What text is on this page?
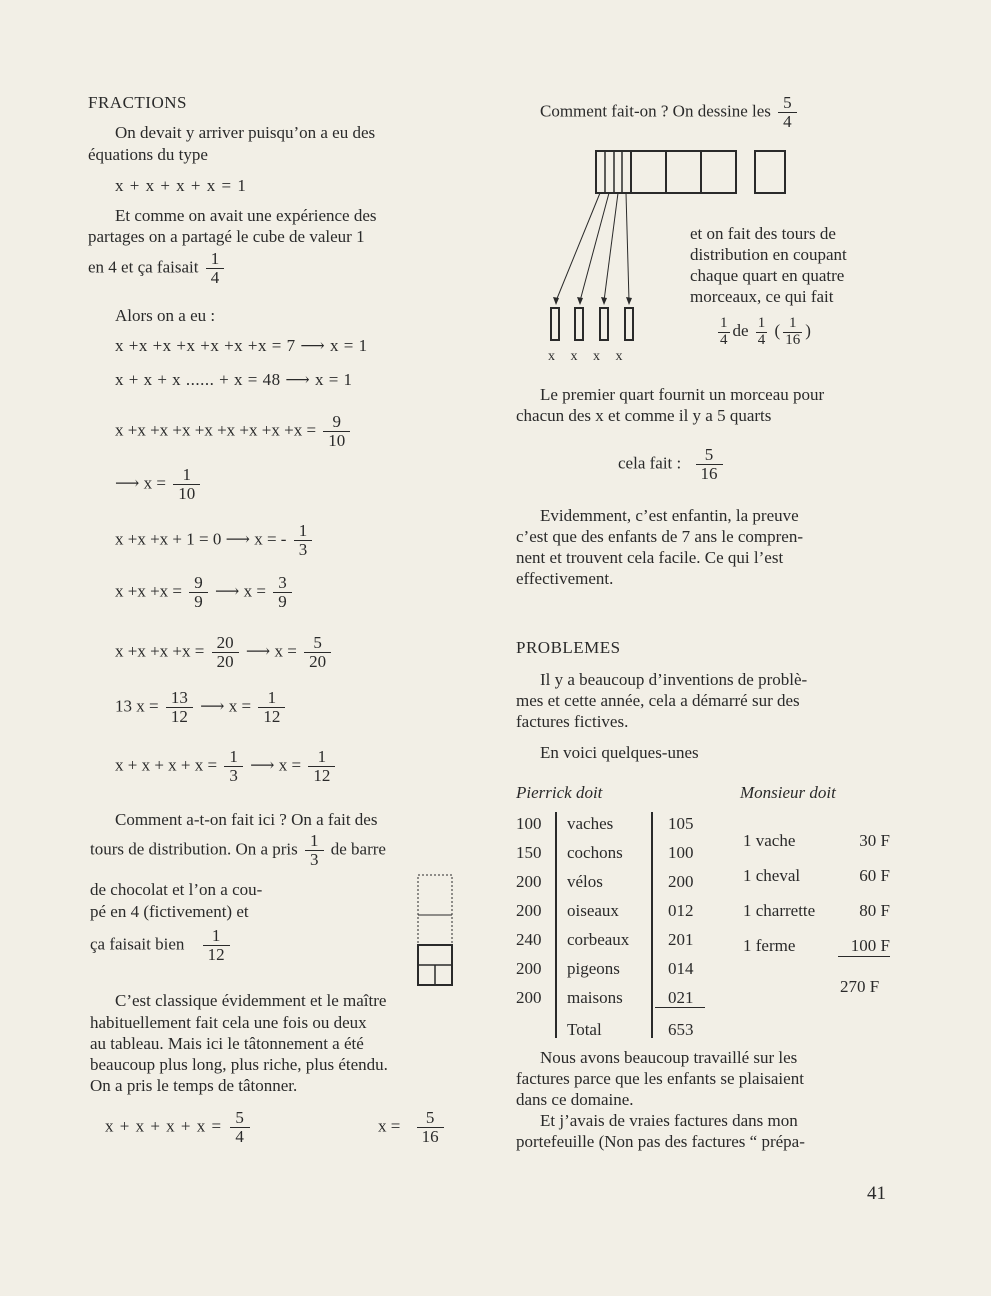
FRACTIONS
On devait y arriver puisqu’on a eu des
équations du type
x + x + x + x = 1
Et comme on avait une expérience des
partages on a partagé le cube de valeur 1
en 4 et ça faisait $\frac{1}{4}$
Alors on a eu :
x +x +x +x +x +x +x = 7 ⟶ x = 1
x + x + x ...... + x = 48 ⟶ x = 1
$x +x +x +x +x +x +x +x +x = \frac{9}{10}$
⟶ $x = \frac{1}{10}$
x +x +x + 1 = 0 ⟶ x = - $\frac{1}{3}$
$x +x +x = \frac{9}{9}$ ⟶ $x = \frac{3}{9}$
$x +x +x +x = \frac{20}{20}$ ⟶ $x = \frac{5}{20}$
13 $x = \frac{13}{12}$ ⟶ $x = \frac{1}{12}$
$x + x + x + x = \frac{1}{3}$ ⟶ $x = \frac{1}{12}$
Comment a-t-on fait ici ? On a fait des
tours de distribution. On a pris $\frac{1}{3}$ de barre
de chocolat et l’on a cou-
pé en 4 (fictivement) et
ça faisait bien $\frac{1}{12}$
C’est classique évidemment et le maître
habituellement fait cela une fois ou deux
au tableau. Mais ici le tâtonnement a été
beaucoup plus long, plus riche, plus étendu.
On a pris le temps de tâtonner.
$x + x + x + x = \frac{5}{4}$	$x = \frac{5}{16}$
Comment fait-on ? On dessine les $\frac{5}{4}$
x x x x
et on fait des tours de
distribution en coupant
chaque quart en quatre
morceaux, ce qui fait
$\frac{1}{4}$ de $\frac{1}{4}$ ( $\frac{1}{16}$ )
Le premier quart fournit un morceau pour
chacun des x et comme il y a 5 quarts
cela fait : $\frac{5}{16}$
Evidemment, c’est enfantin, la preuve
c’est que des enfants de 7 ans le compren-
nent et trouvent cela facile. Ce qui l’est
effectivement.
PROBLEMES
Il y a beaucoup d’inventions de problè-
mes et cette année, cela a démarré sur des
factures fictives.
En voici quelques-unes
Pierrick doit
100 vaches	105
150 cochons	100
200 vélos	200
200 oiseaux	012
240 corbeaux 201
200 pigeons	014
200 maisons	021
Total	653
Monsieur doit
1 vache	30 F
1 cheval	60 F
1 charrette	80 F
1 ferme	100 F
270 F
Nous avons beaucoup travaillé sur les
factures parce que les enfants se plaisaient
dans ce domaine.
Et j’avais de vraies factures dans mon
portefeuille (Non pas des factures “ prépa-
41
